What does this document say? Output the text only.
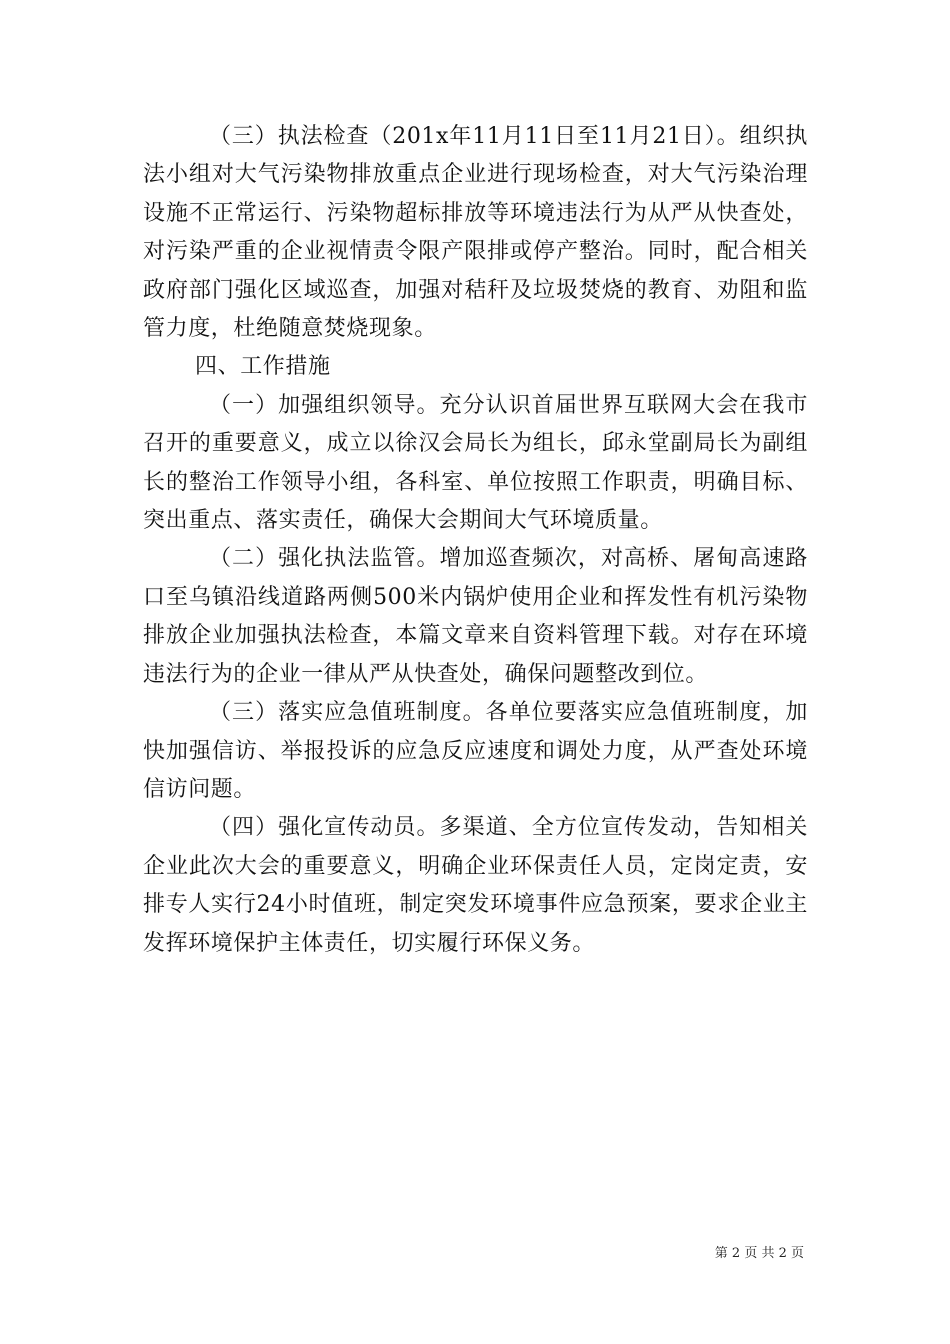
（三）执法检查（201x年11月11日至11月21日）。组织执法小组对大气污染物排放重点企业进行现场检查，对大气污染治理设施不正常运行、污染物超标排放等环境违法行为从严从快查处，对污染严重的企业视情责令限产限排或停产整治。同时，配合相关政府部门强化区域巡查，加强对秸秆及垃圾焚烧的教育、劝阻和监管力度，杜绝随意焚烧现象。

四、工作措施

（一）加强组织领导。充分认识首届世界互联网大会在我市召开的重要意义，成立以徐汉会局长为组长，邱永堂副局长为副组长的整治工作领导小组，各科室、单位按照工作职责，明确目标、突出重点、落实责任，确保大会期间大气环境质量。

（二）强化执法监管。增加巡查频次，对高桥、屠甸高速路口至乌镇沿线道路两侧500米内锅炉使用企业和挥发性有机污染物排放企业加强执法检查，本篇文章来自资料管理下载。对存在环境违法行为的企业一律从严从快查处，确保问题整改到位。

（三）落实应急值班制度。各单位要落实应急值班制度，加快加强信访、举报投诉的应急反应速度和调处力度，从严查处环境信访问题。

（四）强化宣传动员。多渠道、全方位宣传发动，告知相关企业此次大会的重要意义，明确企业环保责任人员，定岗定责，安排专人实行24小时值班，制定突发环境事件应急预案，要求企业主发挥环境保护主体责任，切实履行环保义务。

第 2 页 共 2 页
